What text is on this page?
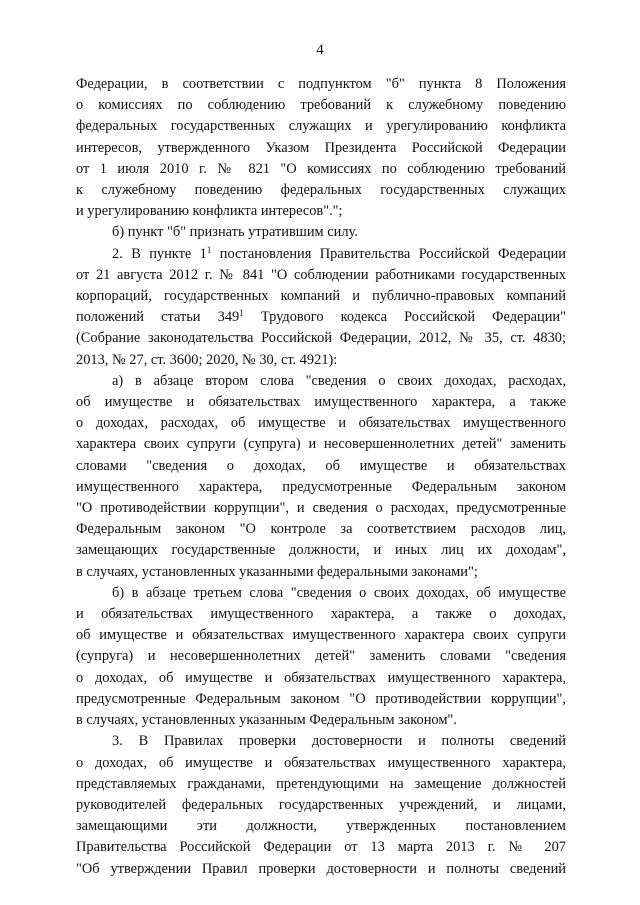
4
Федерации, в соответствии с подпунктом "б" пункта 8 Положения
о комиссиях по соблюдению требований к служебному поведению
федеральных государственных служащих и урегулированию конфликта
интересов, утвержденного Указом Президента Российской Федерации
от 1 июля 2010 г. № 821 "О комиссиях по соблюдению требований
к служебному поведению федеральных государственных служащих
и урегулированию конфликта интересов".";
б) пункт "б" признать утратившим силу.
2. В пункте $1^1$ постановления Правительства Российской Федерации
от 21 августа 2012 г. № 841 "О соблюдении работниками государственных
корпораций, государственных компаний и публично-правовых компаний
положений статьи $349^1$ Трудового кодекса Российской Федерации"
(Собрание законодательства Российской Федерации, 2012, № 35, ст. 4830;
2013, № 27, ст. 3600; 2020, № 30, ст. 4921):
а) в абзаце втором слова "сведения о своих доходах, расходах,
об имуществе и обязательствах имущественного характера, а также
о доходах, расходах, об имуществе и обязательствах имущественного
характера своих супруги (супруга) и несовершеннолетних детей" заменить
словами "сведения о доходах, об имуществе и обязательствах
имущественного характера, предусмотренные Федеральным законом
"О противодействии коррупции", и сведения о расходах, предусмотренные
Федеральным законом "О контроле за соответствием расходов лиц,
замещающих государственные должности, и иных лиц их доходам",
в случаях, установленных указанными федеральными законами";
б) в абзаце третьем слова "сведения о своих доходах, об имуществе
и обязательствах имущественного характера, а также о доходах,
об имуществе и обязательствах имущественного характера своих супруги
(супруга) и несовершеннолетних детей" заменить словами "сведения
о доходах, об имуществе и обязательствах имущественного характера,
предусмотренные Федеральным законом "О противодействии коррупции",
в случаях, установленных указанным Федеральным законом".
3. В Правилах проверки достоверности и полноты сведений
о доходах, об имуществе и обязательствах имущественного характера,
представляемых гражданами, претендующими на замещение должностей
руководителей федеральных государственных учреждений, и лицами,
замещающими эти должности, утвержденных постановлением
Правительства Российской Федерации от 13 марта 2013 г. № 207
"Об утверждении Правил проверки достоверности и полноты сведений
